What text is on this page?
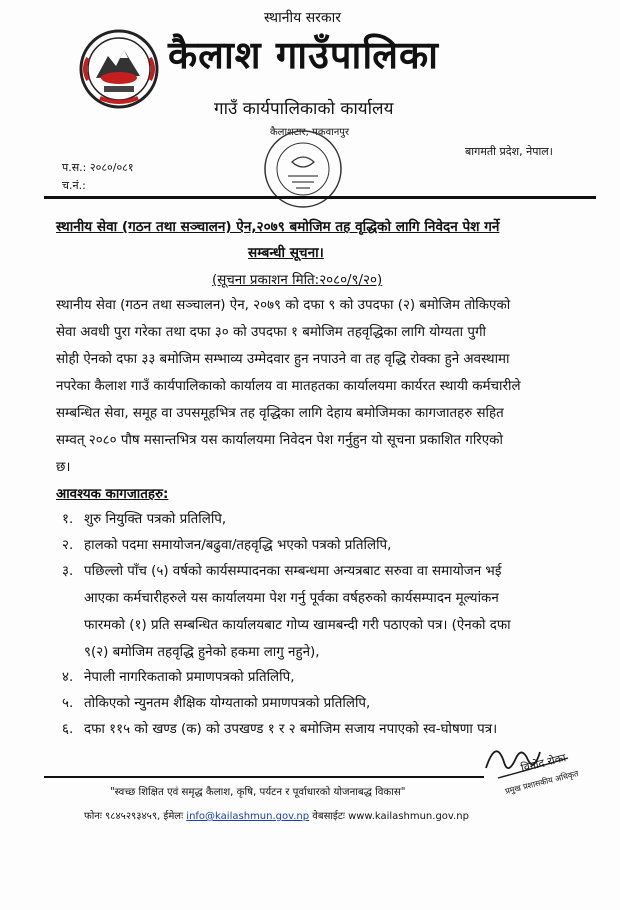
स्थानीय सरकार
कैलाश गाउँपालिका
गाउँ कार्यपालिकाको कार्यालय
कैलाशटार, मकवानपुर
बागमती प्रदेश, नेपाल।
प.स.: २०८०/०८१
च.नं.:
स्थानीय सेवा (गठन तथा सञ्चालन) ऐन,२०७९ बमोजिम तह वृद्धिको लागि निवेदन पेश गर्ने
सम्बन्धी सूचना।
(सूचना प्रकाशन मिति:२०८०/९/२०)
स्थानीय सेवा (गठन तथा सञ्चालन) ऐन, २०७९ को दफा ९ को उपदफा (२) बमोजिम तोकिएको
सेवा अवधी पुरा गरेका तथा दफा ३० को उपदफा १ बमोजिम तहवृद्धिका लागि योग्यता पुगी
सोही ऐनको दफा ३३ बमोजिम सम्भाव्य उम्मेदवार हुन नपाउने वा तह वृद्धि रोक्का हुने अवस्थामा
नपरेका कैलाश गाउँ कार्यपालिकाको कार्यालय वा मातहतका कार्यालयमा कार्यरत स्थायी कर्मचारीले
सम्बन्धित सेवा, समूह वा उपसमूहभित्र तह वृद्धिका लागि देहाय बमोजिमका कागजातहरु सहित
सम्वत् २०८० पौष मसान्तभित्र यस कार्यालयमा निवेदन पेश गर्नुहुन यो सूचना प्रकाशित गरिएको
छ।
आवश्यक कागजातहरु:
१. शुरु नियुक्ति पत्रको प्रतिलिपि,
२. हालको पदमा समायोजन/बढुवा/तहवृद्धि भएको पत्रको प्रतिलिपि,
३. पछिल्लो पाँच (५) वर्षको कार्यसम्पादनका सम्बन्धमा अन्यत्रबाट सरुवा वा समायोजन भई
आएका कर्मचारीहरुले यस कार्यालयमा पेश गर्नु पूर्वका वर्षहरुको कार्यसम्पादन मूल्यांकन
फारमको (१) प्रति सम्बन्धित कार्यालयबाट गोप्य खामबन्दी गरी पठाएको पत्र। (ऐनको दफा
९(२) बमोजिम तहवृद्धि हुनेको हकमा लागु नहुने),
४. नेपाली नागरिकताको प्रमाणपत्रको प्रतिलिपि,
५. तोकिएको न्युनतम शैक्षिक योग्यताको प्रमाणपत्रको प्रतिलिपि,
६. दफा ११५ को खण्ड (क) को उपखण्ड १ र २ बमोजिम सजाय नपाएको स्व-घोषणा पत्र।
विनोद रोका
प्रमुख प्रशासकीय अधिकृत
"स्वच्छ शिक्षित एवं समृद्ध कैलाश, कृषि, पर्यटन र पूर्वाधारको योजनाबद्ध विकास"
फोनः ९८४५२९३४५९, ईमेलः info@kailashmun.gov.np वेबसाईटः www.kailashmun.gov.np
